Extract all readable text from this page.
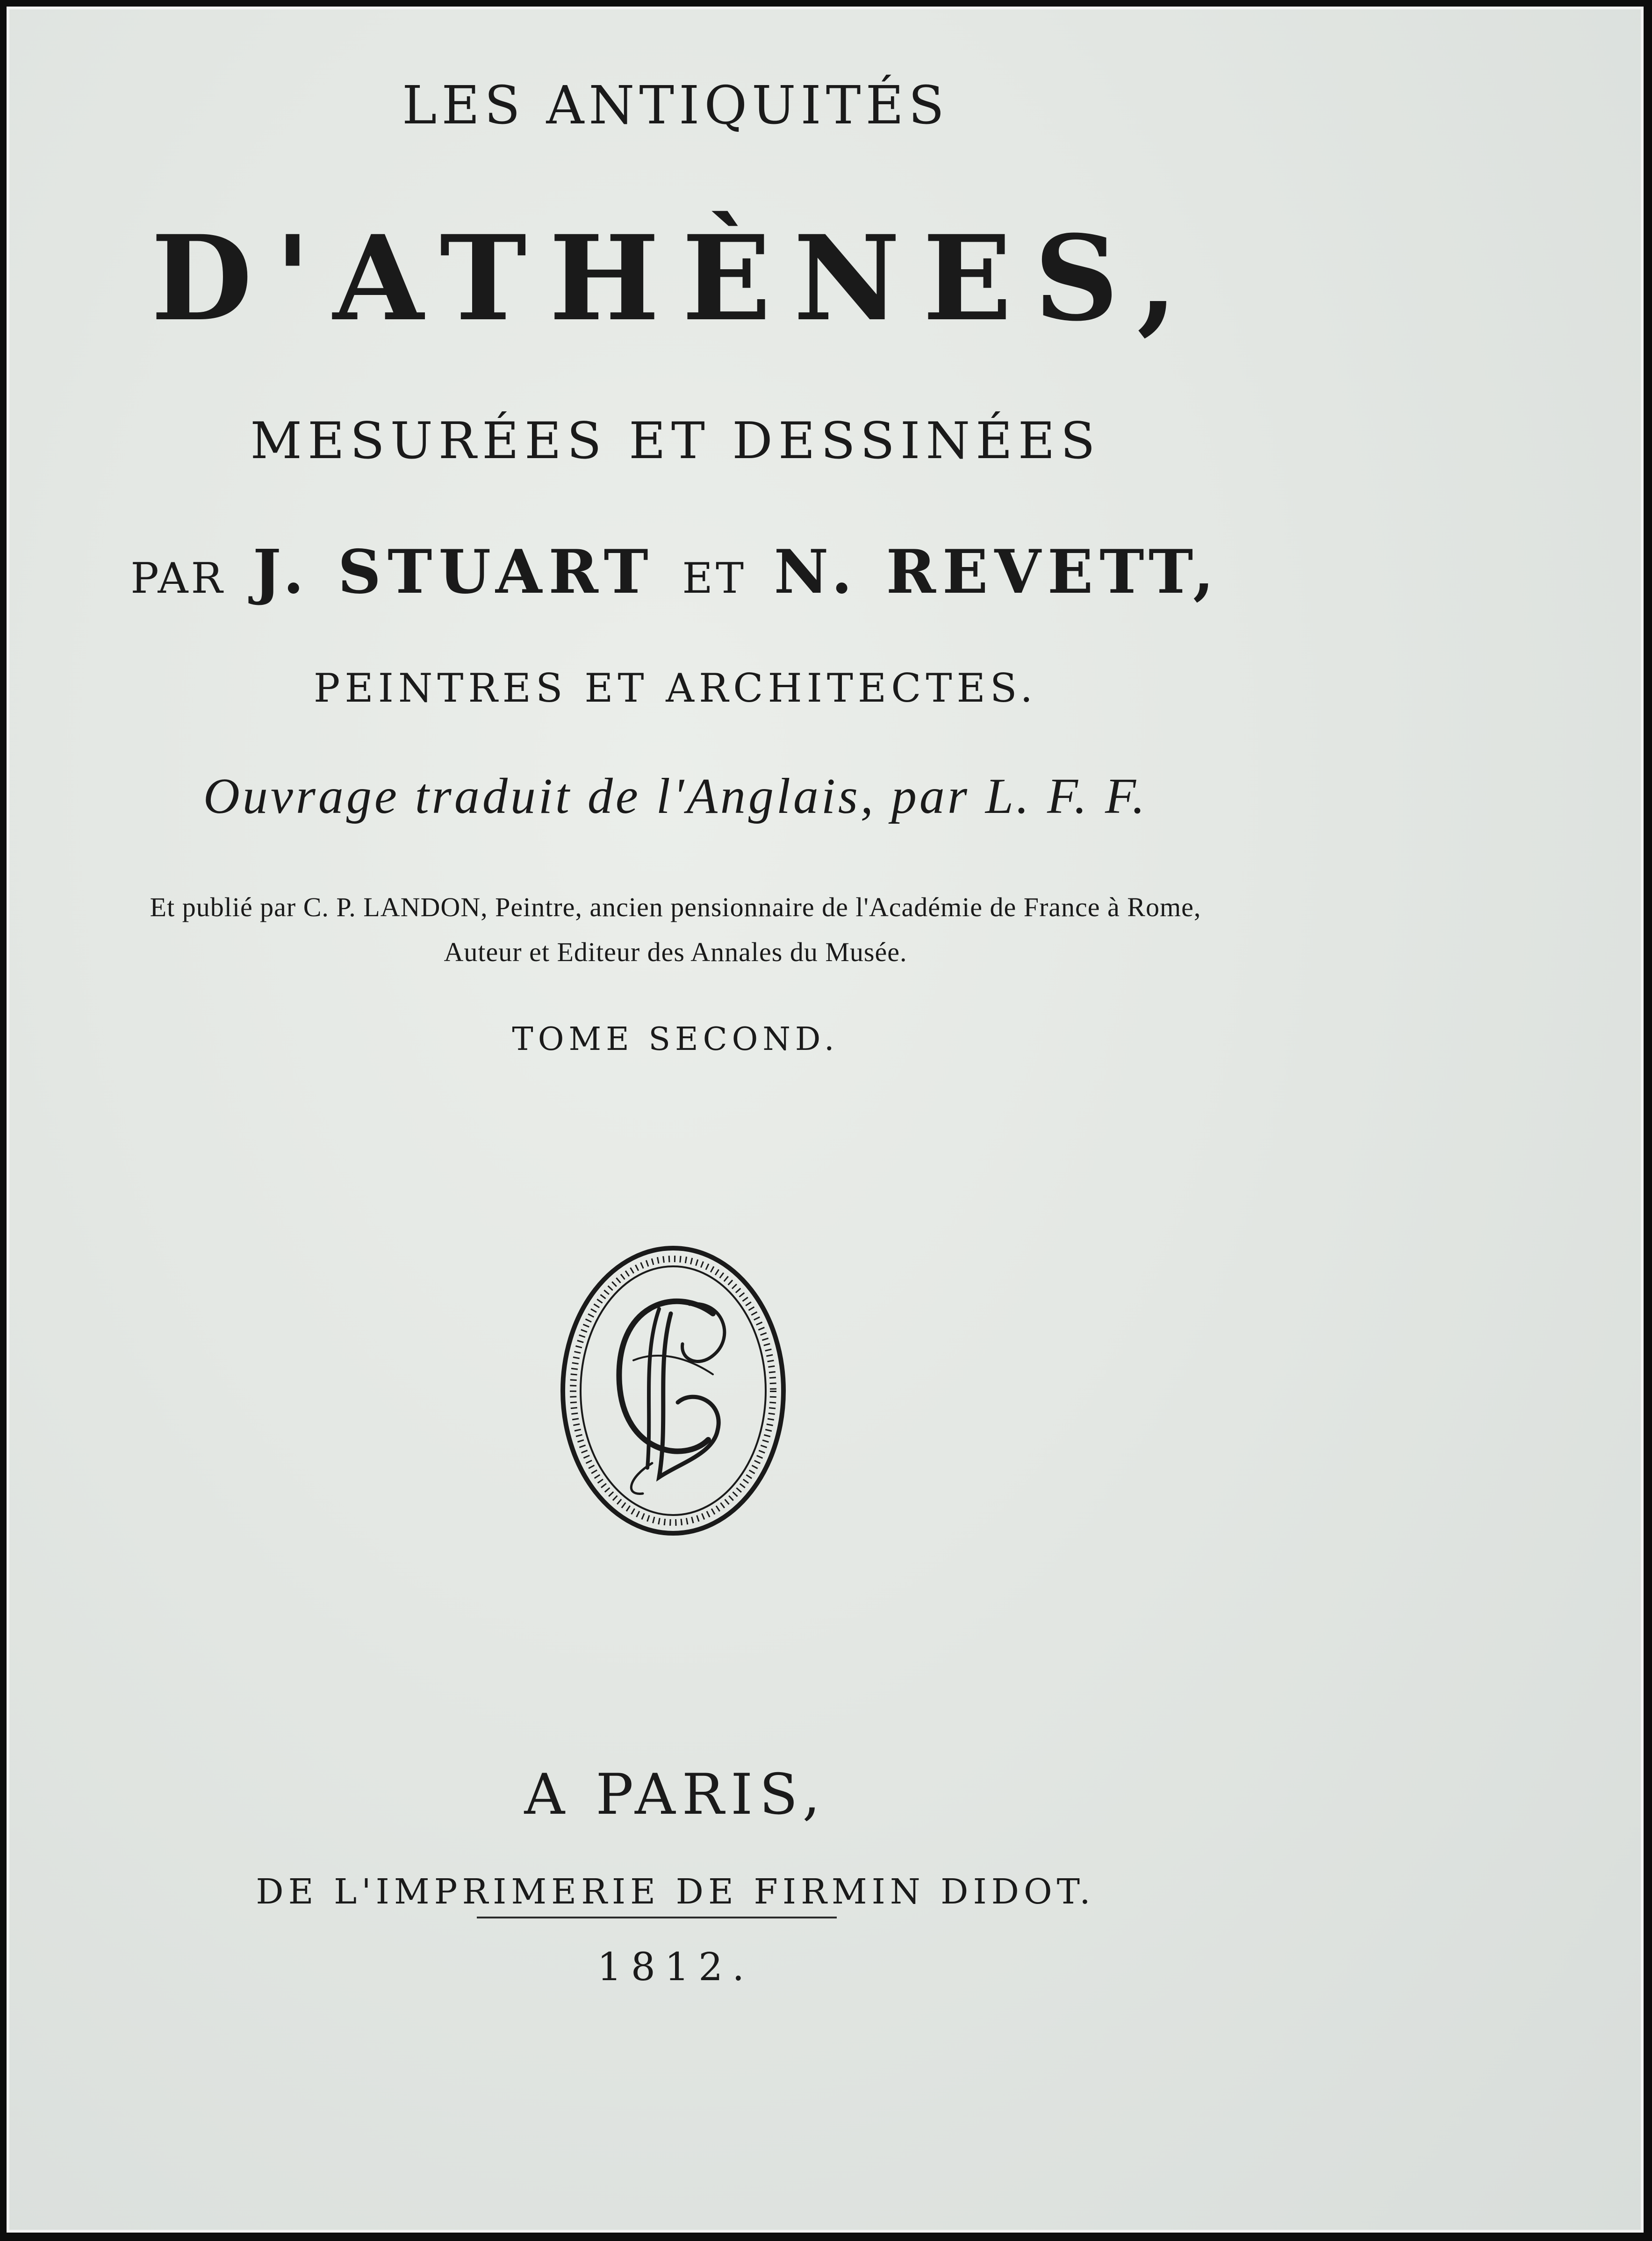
LES ANTIQUITÉS
D'ATHÈNES,
MESURÉES ET DESSINÉES
PAR J. STUART ET N. REVETT,
PEINTRES ET ARCHITECTES.
Ouvrage traduit de l'Anglais, par L. F. F.
Et publié par C. P. LANDON, Peintre, ancien pensionnaire de l'Académie de France à Rome,
Auteur et Editeur des Annales du Musée.
TOME SECOND.
A PARIS,
DE L'IMPRIMERIE DE FIRMIN DIDOT.
1812.
